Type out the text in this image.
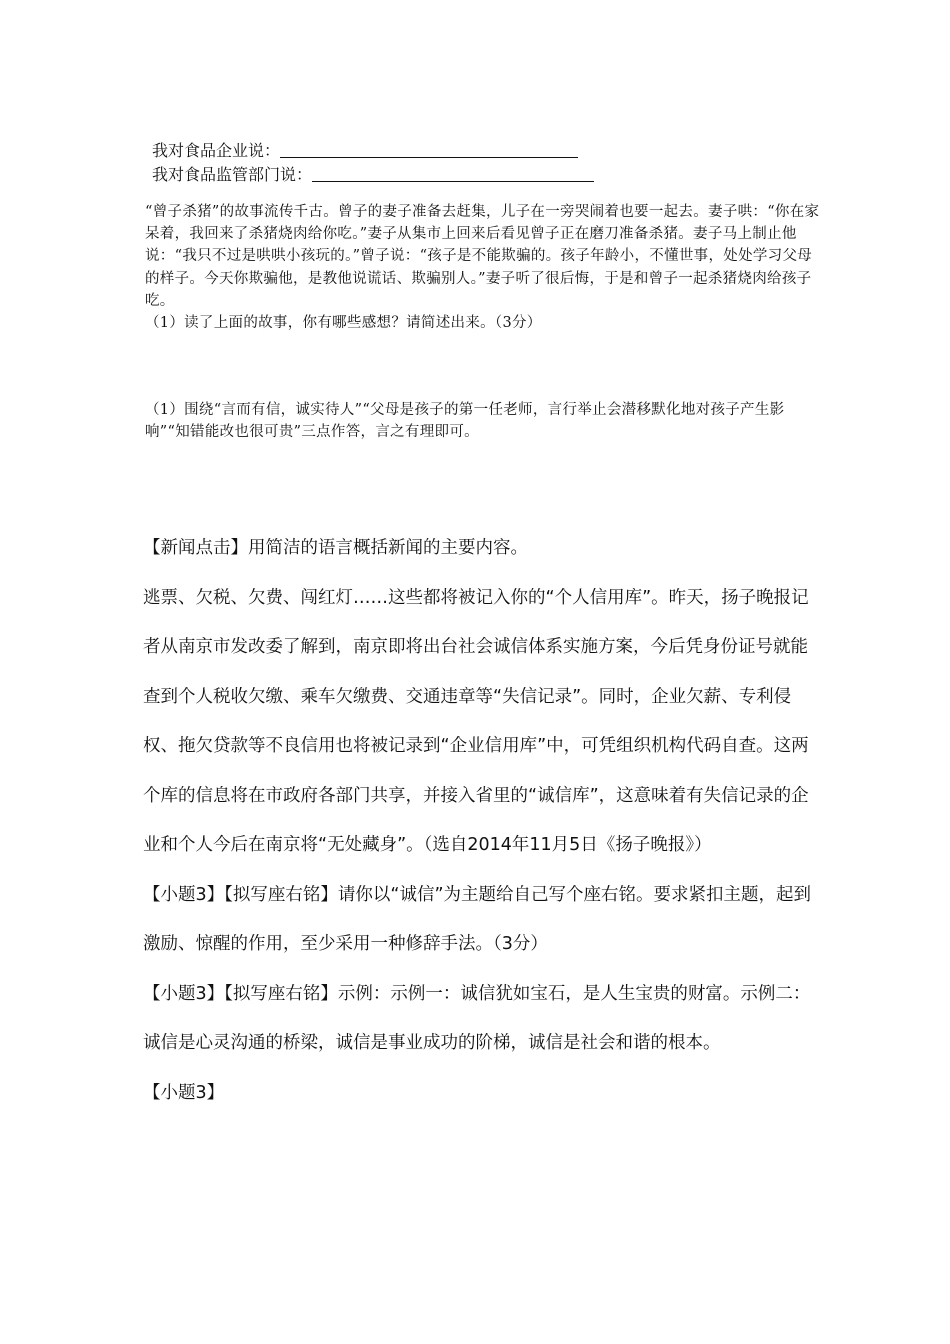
我对食品企业说：
我对食品监管部门说：

“曾子杀猪”的故事流传千古。曾子的妻子准备去赶集，儿子在一旁哭闹着也要一起去。妻子哄：“你在家呆着，我回来了杀猪烧肉给你吃。”妻子从集市上回来后看见曾子正在磨刀准备杀猪。妻子马上制止他说：“我只不过是哄哄小孩玩的。”曾子说：“孩子是不能欺骗的。孩子年龄小，不懂世事，处处学习父母的样子。今天你欺骗他，是教他说谎话、欺骗别人。”妻子听了很后悔，于是和曾子一起杀猪烧肉给孩子吃。

（1）读了上面的故事，你有哪些感想？请简述出来。（3分）

（1）围绕“言而有信，诚实待人”“父母是孩子的第一任老师，言行举止会潜移默化地对孩子产生影响”“知错能改也很可贵”三点作答，言之有理即可。

【新闻点击】用简洁的语言概括新闻的主要内容。

逃票、欠税、欠费、闯红灯……这些都将被记入你的“个人信用库”。昨天，扬子晚报记者从南京市发改委了解到，南京即将出台社会诚信体系实施方案，今后凭身份证号就能查到个人税收欠缴、乘车欠缴费、交通违章等“失信记录”。同时，企业欠薪、专利侵权、拖欠贷款等不良信用也将被记录到“企业信用库”中，可凭组织机构代码自查。这两个库的信息将在市政府各部门共享，并接入省里的“诚信库”，这意味着有失信记录的企业和个人今后在南京将“无处藏身”。（选自2014年11月5日《扬子晚报》）

【小题3】【拟写座右铭】请你以“诚信”为主题给自己写个座右铭。要求紧扣主题，起到激励、惊醒的作用，至少采用一种修辞手法。（3分）

【小题3】【拟写座右铭】示例：示例一：诚信犹如宝石，是人生宝贵的财富。示例二：诚信是心灵沟通的桥梁，诚信是事业成功的阶梯，诚信是社会和谐的根本。

【小题3】
